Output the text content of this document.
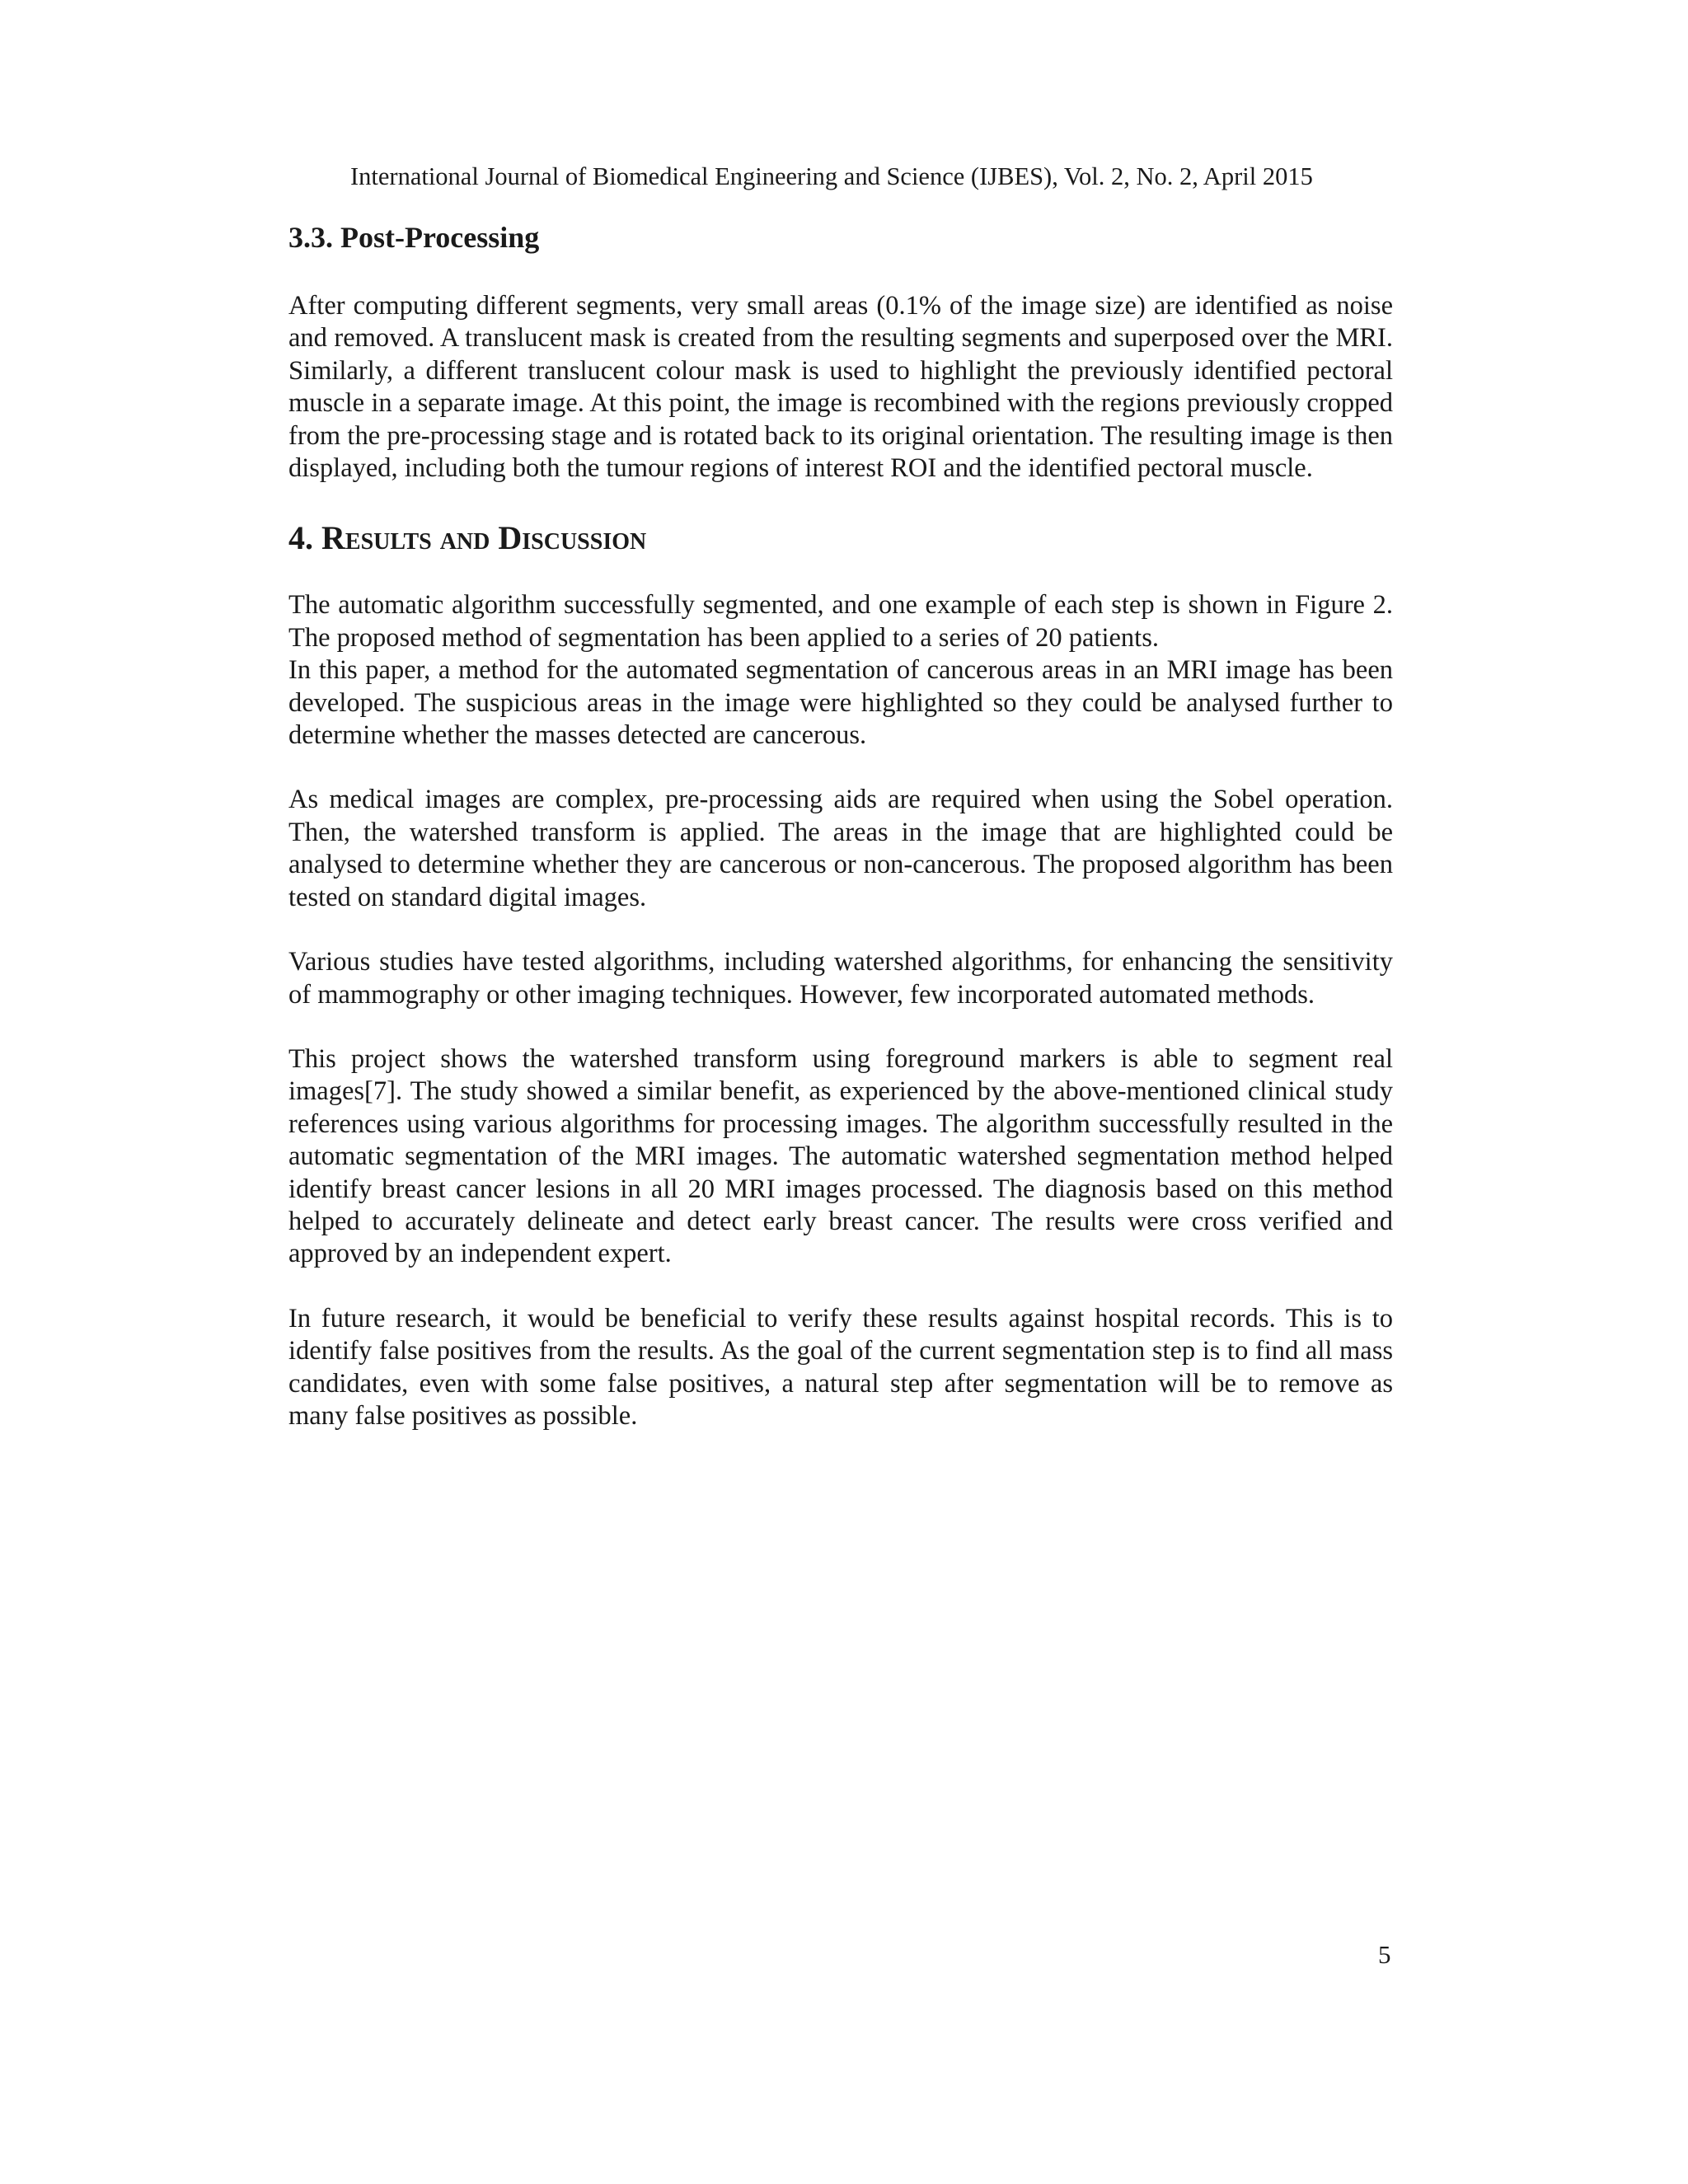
International Journal of Biomedical Engineering and Science (IJBES), Vol. 2, No. 2, April 2015
3.3. Post-Processing

After computing different segments, very small areas (0.1% of the image size) are identified as noise and removed. A translucent mask is created from the resulting segments and superposed over the MRI. Similarly, a different translucent colour mask is used to highlight the previously identified pectoral muscle in a separate image. At this point, the image is recombined with the regions previously cropped from the pre-processing stage and is rotated back to its original orientation. The resulting image is then displayed, including both the tumour regions of interest ROI and the identified pectoral muscle.

4. Results and Discussion

The automatic algorithm successfully segmented, and one example of each step is shown in Figure 2. The proposed method of segmentation has been applied to a series of 20 patients.

In this paper, a method for the automated segmentation of cancerous areas in an MRI image has been developed. The suspicious areas in the image were highlighted so they could be analysed further to determine whether the masses detected are cancerous.

As medical images are complex, pre-processing aids are required when using the Sobel operation. Then, the watershed transform is applied. The areas in the image that are highlighted could be analysed to determine whether they are cancerous or non-cancerous. The proposed algorithm has been tested on standard digital images.

Various studies have tested algorithms, including watershed algorithms, for enhancing the sensitivity of mammography or other imaging techniques. However, few incorporated automated methods.

This project shows the watershed transform using foreground markers is able to segment real images[7]. The study showed a similar benefit, as experienced by the above-mentioned clinical study references using various algorithms for processing images. The algorithm successfully resulted in the automatic segmentation of the MRI images. The automatic watershed segmentation method helped identify breast cancer lesions in all 20 MRI images processed. The diagnosis based on this method helped to accurately delineate and detect early breast cancer. The results were cross verified and approved by an independent expert.

In future research, it would be beneficial to verify these results against hospital records. This is to identify false positives from the results. As the goal of the current segmentation step is to find all mass candidates, even with some false positives, a natural step after segmentation will be to remove as many false positives as possible.

5
